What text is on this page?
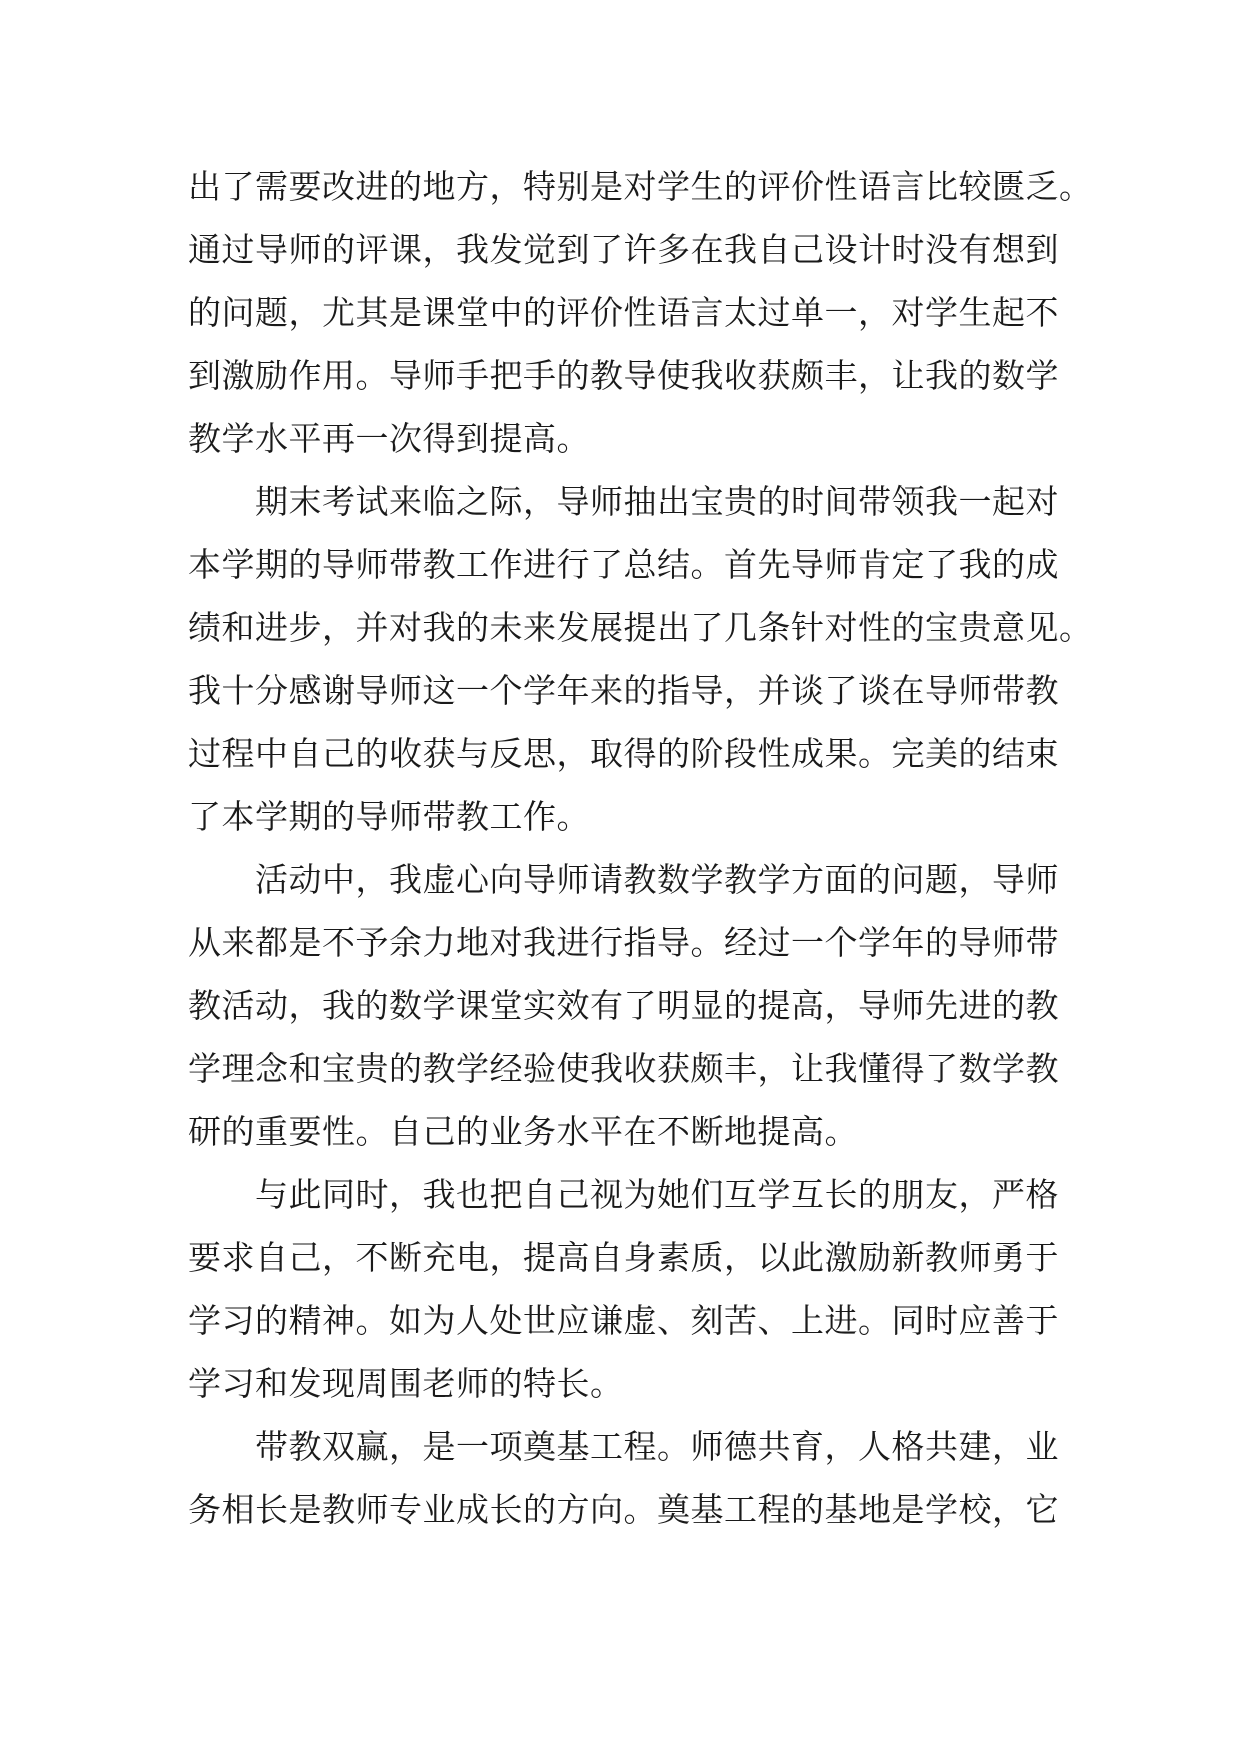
出了需要改进的地方，特别是对学生的评价性语言比较匮乏。
通过导师的评课，我发觉到了许多在我自己设计时没有想到
的问题，尤其是课堂中的评价性语言太过单一，对学生起不
到激励作用。导师手把手的教导使我收获颇丰，让我的数学
教学水平再一次得到提高。
　　期末考试来临之际，导师抽出宝贵的时间带领我一起对
本学期的导师带教工作进行了总结。首先导师肯定了我的成
绩和进步，并对我的未来发展提出了几条针对性的宝贵意见。
我十分感谢导师这一个学年来的指导，并谈了谈在导师带教
过程中自己的收获与反思，取得的阶段性成果。完美的结束
了本学期的导师带教工作。
　　活动中，我虚心向导师请教数学教学方面的问题，导师
从来都是不予余力地对我进行指导。经过一个学年的导师带
教活动，我的数学课堂实效有了明显的提高，导师先进的教
学理念和宝贵的教学经验使我收获颇丰，让我懂得了数学教
研的重要性。自己的业务水平在不断地提高。
　　与此同时，我也把自己视为她们互学互长的朋友，严格
要求自己，不断充电，提高自身素质，以此激励新教师勇于
学习的精神。如为人处世应谦虚、刻苦、上进。同时应善于
学习和发现周围老师的特长。
　　带教双赢，是一项奠基工程。师德共育，人格共建，业
务相长是教师专业成长的方向。奠基工程的基地是学校，它
